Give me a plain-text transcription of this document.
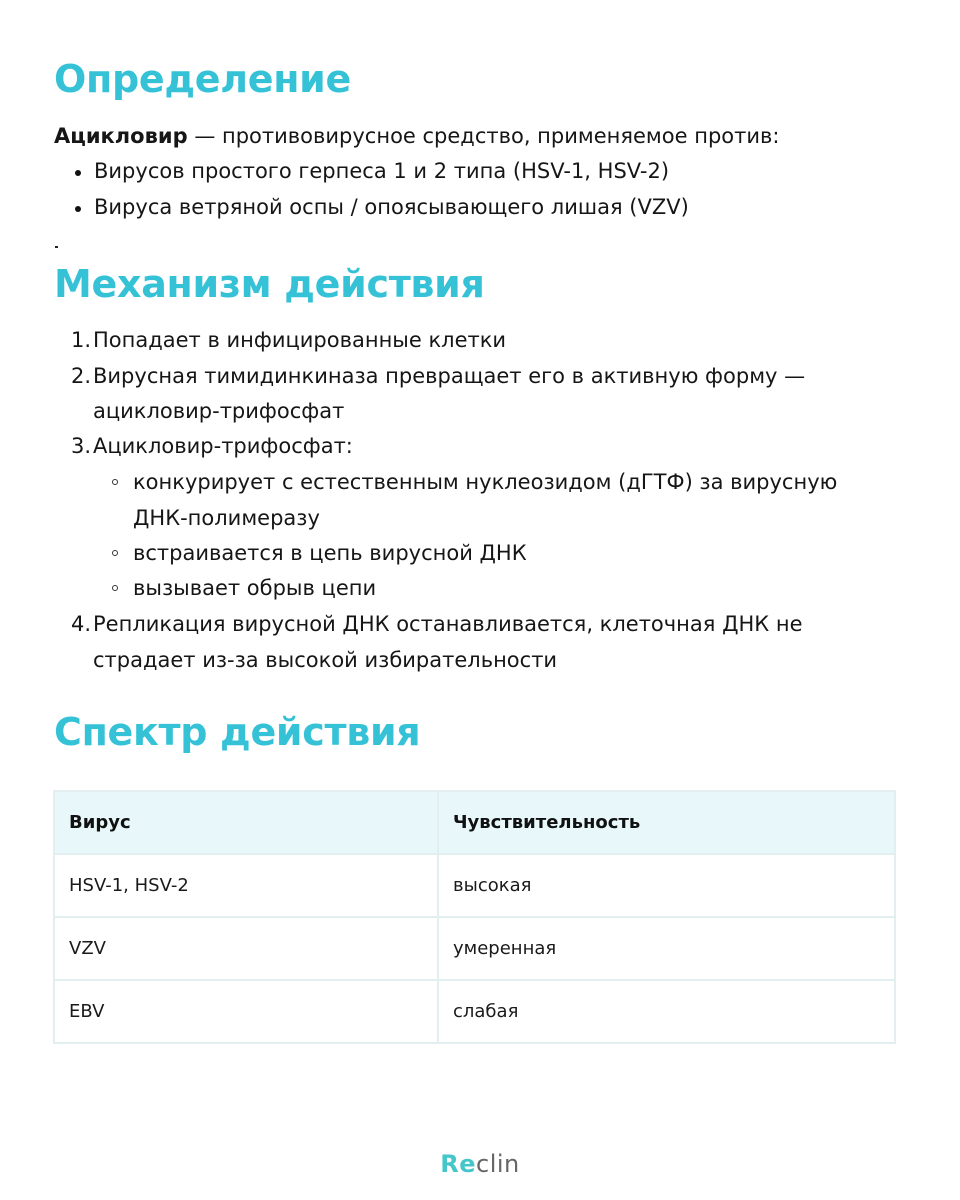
Определение
Ацикловир — противовирусное средство, применяемое против:
Вирусов простого герпеса 1 и 2 типа (HSV-1, HSV-2)
Вируса ветряной оспы / опоясывающего лишая (VZV)
Механизм действия
1. Попадает в инфицированные клетки
2. Вирусная тимидинкиназа превращает его в активную форму —
ацикловир-трифосфат
3. Ацикловир-трифосфат:
конкурирует с естественным нуклеозидом (дГТФ) за вирусную
ДНК-полимеразу
встраивается в цепь вирусной ДНК
вызывает обрыв цепи
4. Репликация вирусной ДНК останавливается, клеточная ДНК не
страдает из-за высокой избирательности
Спектр действия
Вирус	Чувствительность
HSV-1, HSV-2	высокая
VZV	умеренная
EBV	слабая
Reclin
